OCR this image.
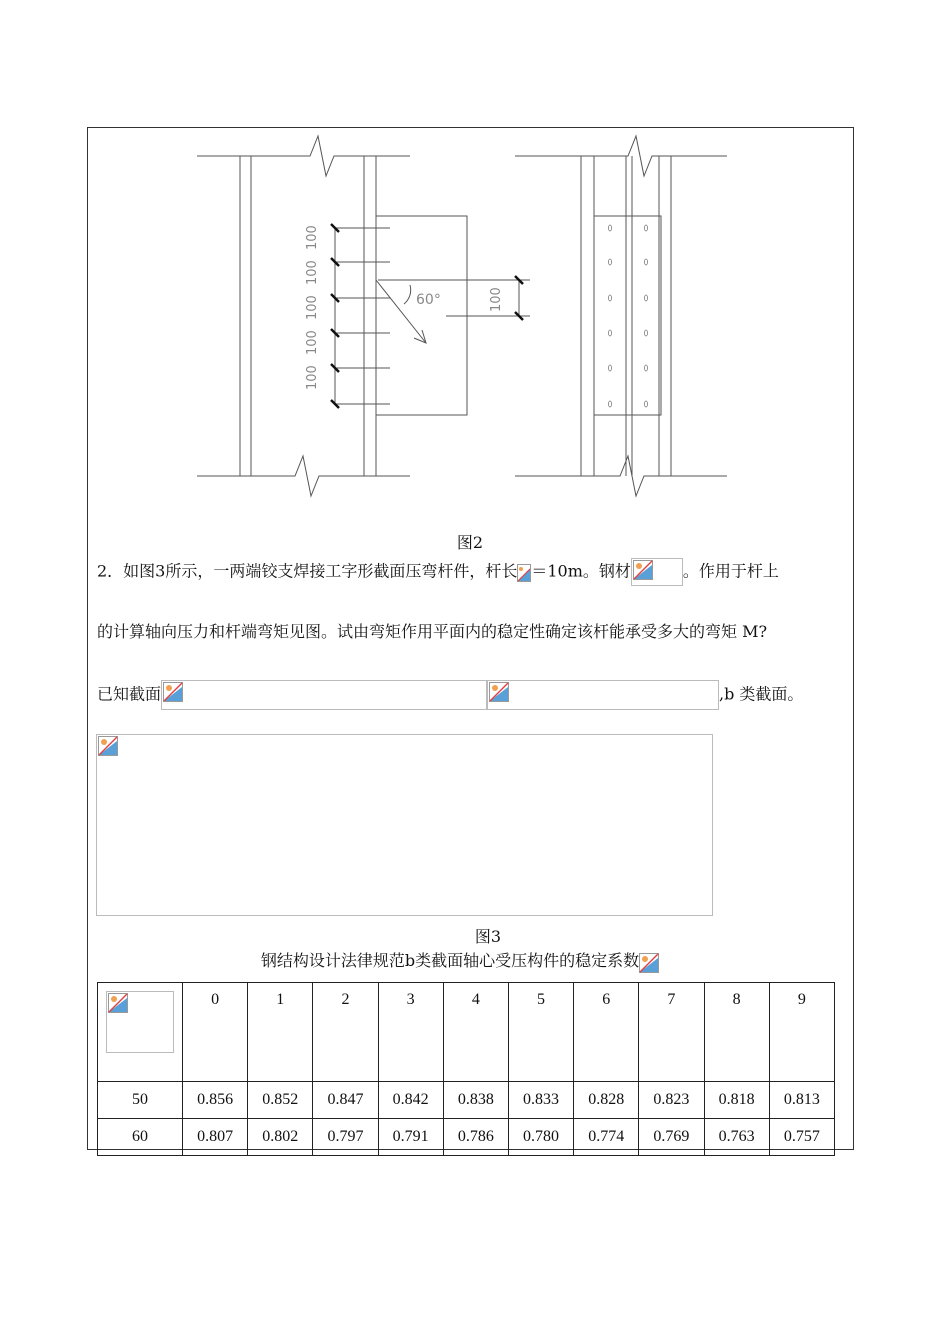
100
100
100
100
100
60°	100
图2
2．如图3所示，一两端铰支焊接工字形截面压弯杆件，杆长 ＝10m。钢材	。作用于杆上
的计算轴向压力和杆端弯矩见图。试由弯矩作用平面内的稳定性确定该杆能承受多大的弯矩 M?
已知截面	,b 类截面。
图3
钢结构设计法律规范b类截面轴心受压构件的稳定系数
	0	1	2	3	4	5	6	7	8	9
50	0.856	0.852	0.847	0.842	0.838	0.833	0.828	0.823	0.818	0.813
60	0.807	0.802	0.797	0.791	0.786	0.780	0.774	0.769	0.763	0.757
